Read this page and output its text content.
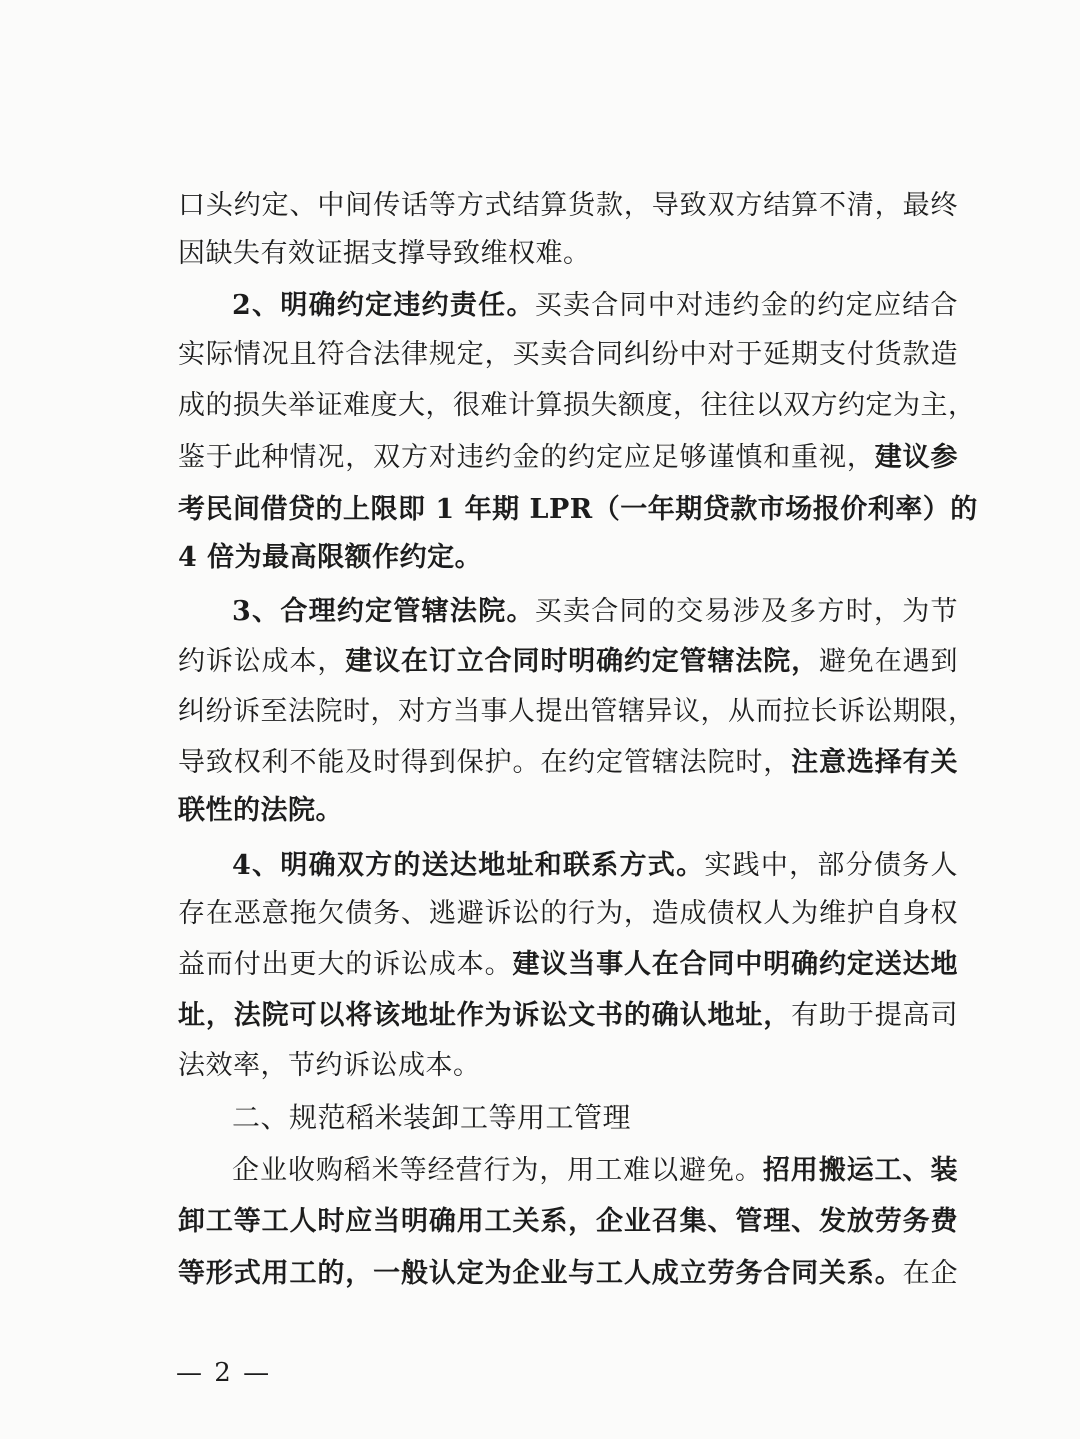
口头约定、中间传话等方式结算货款，导致双方结算不清，最终
因缺失有效证据支撑导致维权难。
2、明确约定违约责任。买卖合同中对违约金的约定应结合
实际情况且符合法律规定，买卖合同纠纷中对于延期支付货款造
成的损失举证难度大，很难计算损失额度，往往以双方约定为主，
鉴于此种情况，双方对违约金的约定应足够谨慎和重视，建议参
考民间借贷的上限即 1 年期 LPR（一年期贷款市场报价利率）的
4 倍为最高限额作约定。
3、合理约定管辖法院。买卖合同的交易涉及多方时，为节
约诉讼成本，建议在订立合同时明确约定管辖法院，避免在遇到
纠纷诉至法院时，对方当事人提出管辖异议，从而拉长诉讼期限，
导致权利不能及时得到保护。在约定管辖法院时，注意选择有关
联性的法院。
4、明确双方的送达地址和联系方式。实践中，部分债务人
存在恶意拖欠债务、逃避诉讼的行为，造成债权人为维护自身权
益而付出更大的诉讼成本。建议当事人在合同中明确约定送达地
址，法院可以将该地址作为诉讼文书的确认地址，有助于提高司
法效率，节约诉讼成本。
二、规范稻米装卸工等用工管理
企业收购稻米等经营行为，用工难以避免。招用搬运工、装
卸工等工人时应当明确用工关系，企业召集、管理、发放劳务费
等形式用工的，一般认定为企业与工人成立劳务合同关系。在企
— 2 —
